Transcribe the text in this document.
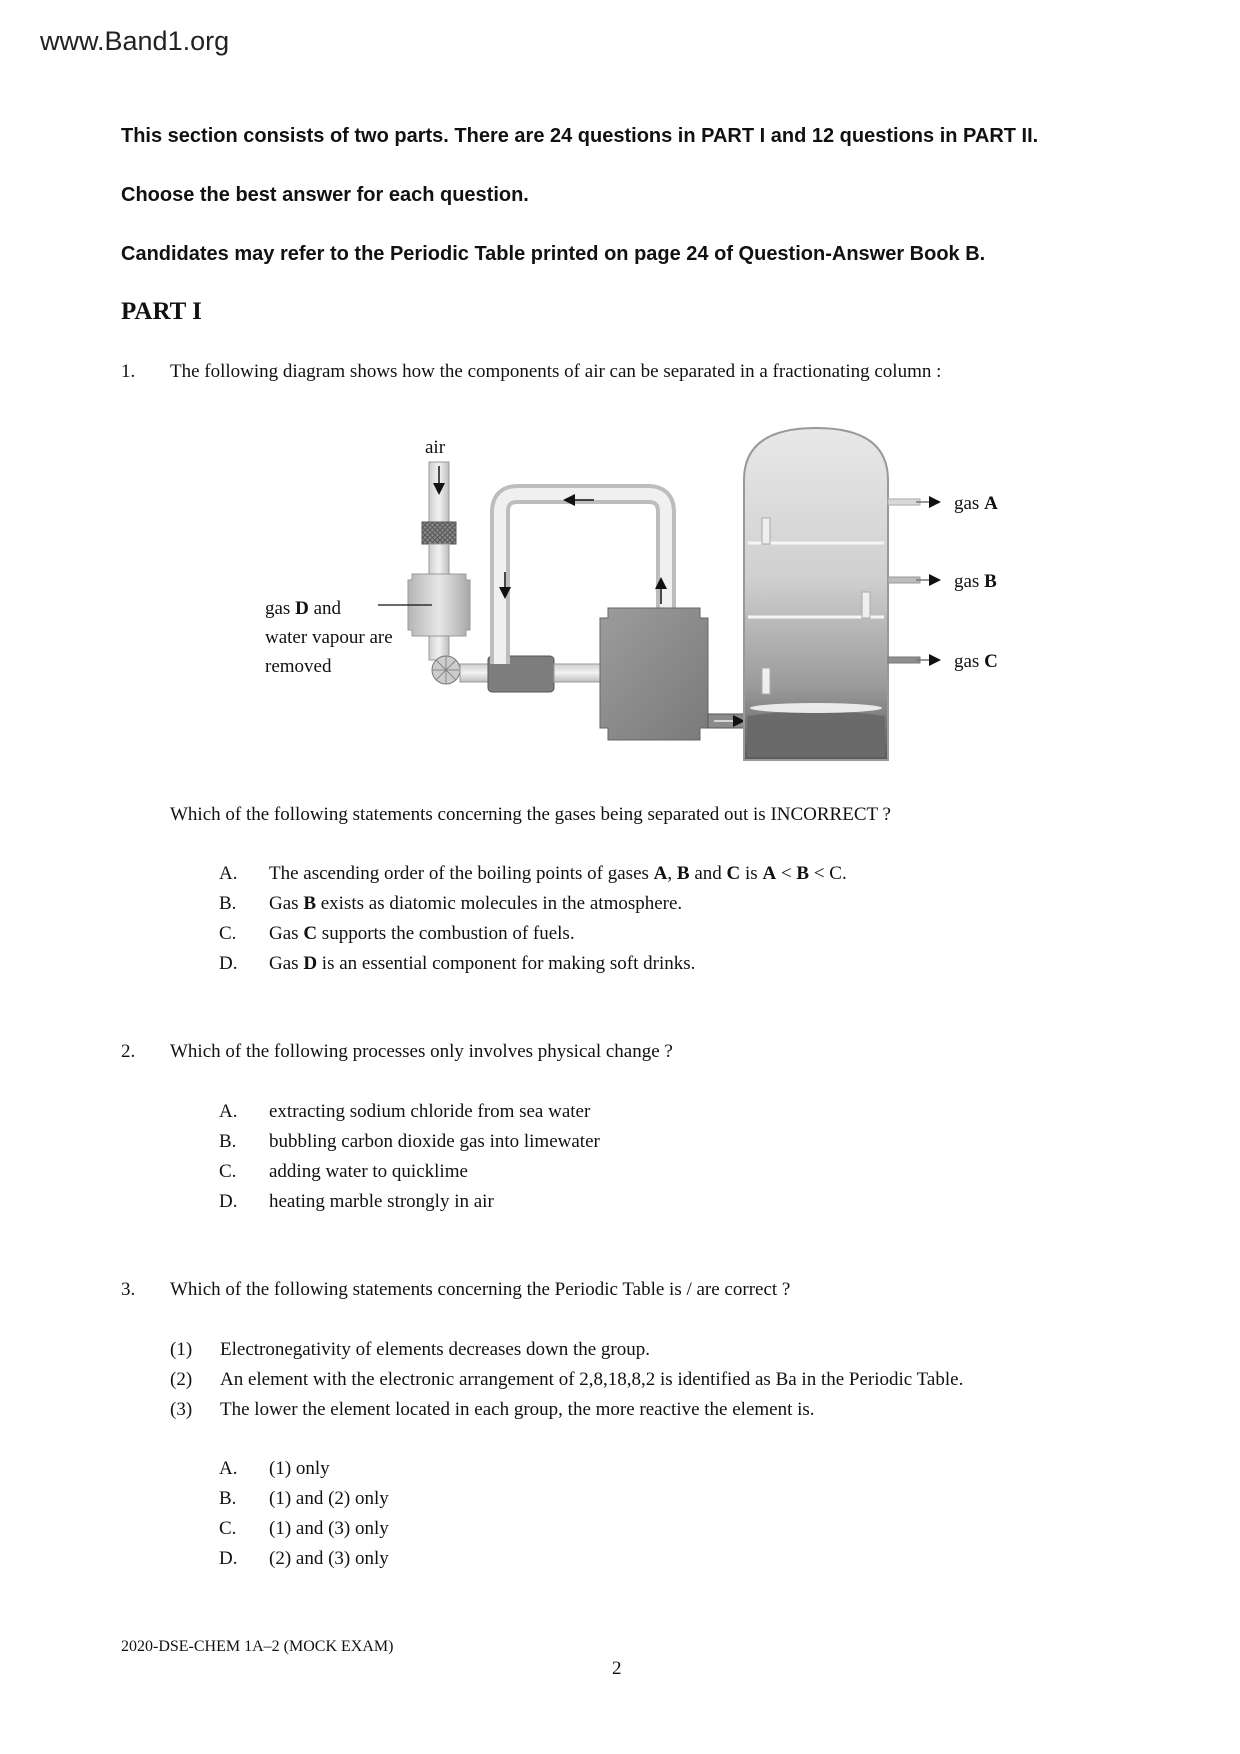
www.Band1.org
This section consists of two parts. There are 24 questions in PART I and 12 questions in PART II.
Choose the best answer for each question.
Candidates may refer to the Periodic Table printed on page 24 of Question-Answer Book B.
PART I
1. The following diagram shows how the components of air can be separated in a fractionating column :
air
gas A
gas B
gas C
gas D and
water vapour are
removed
Which of the following statements concerning the gases being separated out is INCORRECT ?
A. The ascending order of the boiling points of gases A, B and C is A < B < C.
B. Gas B exists as diatomic molecules in the atmosphere.
C. Gas C supports the combustion of fuels.
D. Gas D is an essential component for making soft drinks.
2. Which of the following processes only involves physical change ?
A. extracting sodium chloride from sea water
B. bubbling carbon dioxide gas into limewater
C. adding water to quicklime
D. heating marble strongly in air
3. Which of the following statements concerning the Periodic Table is / are correct ?
(1) Electronegativity of elements decreases down the group.
(2) An element with the electronic arrangement of 2,8,18,8,2 is identified as Ba in the Periodic Table.
(3) The lower the element located in each group, the more reactive the element is.
A. (1) only
B. (1) and (2) only
C. (1) and (3) only
D. (2) and (3) only
2020-DSE-CHEM 1A–2 (MOCK EXAM)
2
